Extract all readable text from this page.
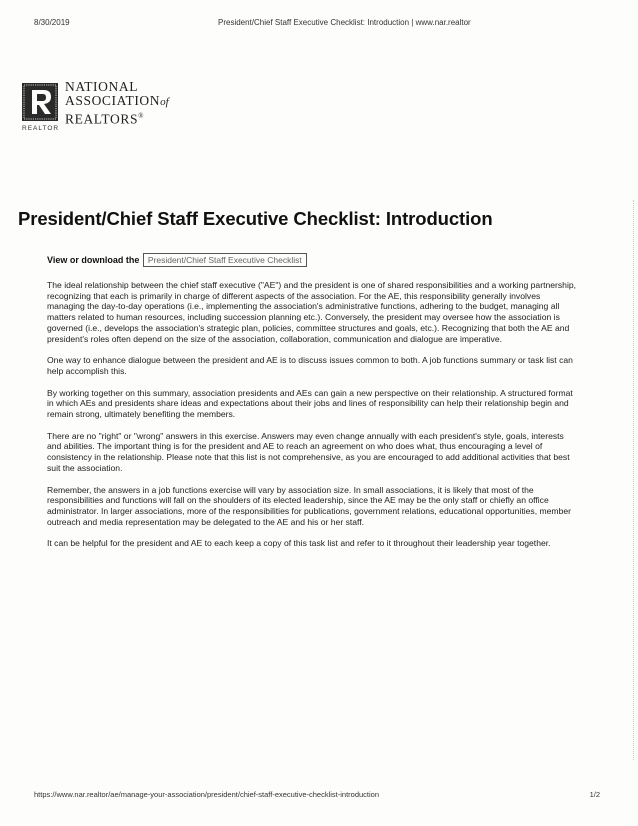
8/30/2019	President/Chief Staff Executive Checklist: Introduction | www.nar.realtor
REALTOR
NATIONAL
ASSOCIATIONof
REALTORS®
President/Chief Staff Executive Checklist: Introduction
View or download the President/Chief Staff Executive Checklist

The ideal relationship between the chief staff executive ("AE") and the president is one of shared responsibilities and a working partnership, recognizing that each is primarily in charge of different aspects of the association. For the AE, this responsibility generally involves managing the day-to-day operations (i.e., implementing the association's administrative functions, adhering to the budget, managing all matters related to human resources, including succession planning etc.). Conversely, the president may oversee how the association is governed (i.e., develops the association's strategic plan, policies, committee structures and goals, etc.). Recognizing that both the AE and president's roles often depend on the size of the association, collaboration, communication and dialogue are imperative.

One way to enhance dialogue between the president and AE is to discuss issues common to both. A job functions summary or task list can help accomplish this.

By working together on this summary, association presidents and AEs can gain a new perspective on their relationship. A structured format in which AEs and presidents share ideas and expectations about their jobs and lines of responsibility can help their relationship begin and remain strong, ultimately benefiting the members.

There are no "right" or "wrong" answers in this exercise. Answers may even change annually with each president's style, goals, interests and abilities. The important thing is for the president and AE to reach an agreement on who does what, thus encouraging a level of consistency in the relationship. Please note that this list is not comprehensive, as you are encouraged to add additional activities that best suit the association.

Remember, the answers in a job functions exercise will vary by association size. In small associations, it is likely that most of the responsibilities and functions will fall on the shoulders of its elected leadership, since the AE may be the only staff or chiefly an office administrator. In larger associations, more of the responsibilities for publications, government relations, educational opportunities, member outreach and media representation may be delegated to the AE and his or her staff.

It can be helpful for the president and AE to each keep a copy of this task list and refer to it throughout their leadership year together.

https://www.nar.realtor/ae/manage-your-association/president/chief-staff-executive-checklist-introduction	1/2
